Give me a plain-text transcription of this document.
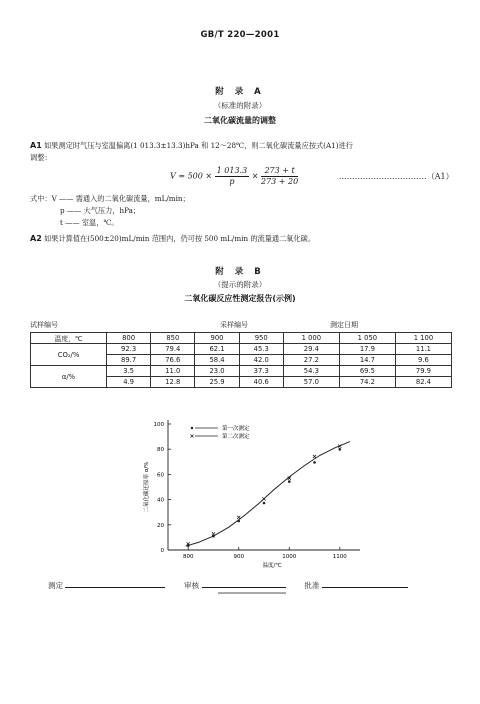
GB/T 220—2001
附 录 A
（标准的附录）
二氧化碳流量的调整
A1 如果测定时气压与室温偏离(1 013.3±13.3)hPa 和 12～28℃，则二氧化碳流量应按式(A1)进行
调整：
$V = 500 \times \frac{1 013.3}{p} \times \frac{273 + t}{273 + 20}$	……………………………（A1）
式中：V —— 需通入的二氧化碳流量，mL/min；
p —— 大气压力，hPa；
t —— 室温，℃。
A2 如果计算值在(500±20)mL/min 范围内，仍可按 500 mL/min 的流量通二氧化碳。
附 录 B
（提示的附录）
二氧化碳反应性测定报告(示例)
试样编号	采样编号	测定日期
温度，℃	800	850	900	950	1 000	1 050	1 100
CO₂/%	92.3	79.4	62.1	45.3	29.4	17.9	11.1
	89.7	76.6	58.4	42.0	27.2	14.7	9.6
α/%	3.5	11.0	23.0	37.3	54.3	69.5	79.9
	4.9	12.8	25.9	40.6	57.0	74.2	82.4
0
20
40
60
80
100
800	900	1000	1100
温度/℃
二氧化碳还原率 α/%
第一次测定
第二次测定
测定	审核	批准
